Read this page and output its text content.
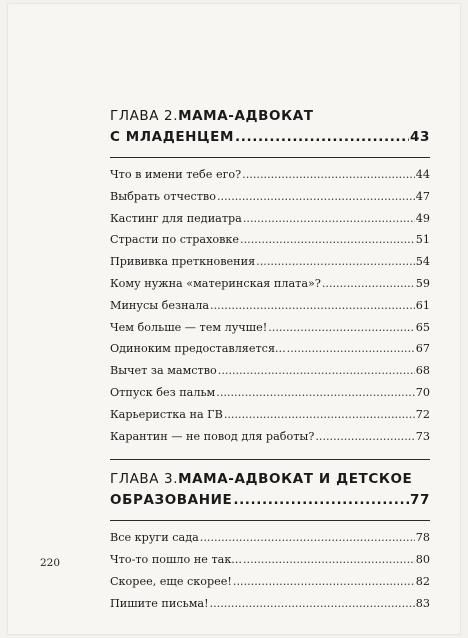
ГЛАВА 2. МАМА-АДВОКАТ
С МЛАДЕНЦЕМ .....	43
Что в имени тебе его? .....	44
Выбрать отчество .....	47
Кастинг для педиатра .....	49
Страсти по страховке .....	51
Прививка преткновения .....	54
Кому нужна «материнская плата»? .....	59
Минусы безнала .....	61
Чем больше — тем лучше! .....	65
Одиноким предоставляется... .....	67
Вычет за мамство .....	68
Отпуск без пальм .....	70
Карьеристка на ГВ .....	72
Карантин — не повод для работы? .....	73
ГЛАВА 3. МАМА-АДВОКАТ И ДЕТСКОЕ
ОБРАЗОВАНИЕ .....	77
Все круги сада .....	78
Что-то пошло не так... .....	80
Скорее, еще скорее! .....	82
Пишите письма! .....	83
220
